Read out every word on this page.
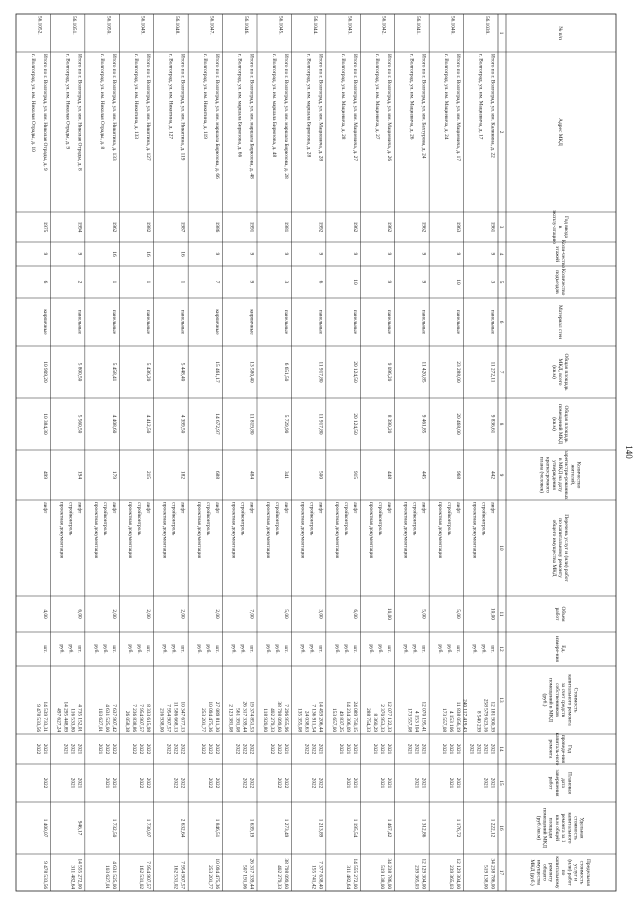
140
№ п/п
Адрес МКД
Год ввода
в
эксплу-атацию
Коли-чество
этажей
Количество
подъездов
Материал стен
Общая площадь
МКД, всего
(кв.м)
Общая площадь
помещений МКД
(кв.м)
Количество
жителей,
зарегистри-рованных
в МКД на дату
утверждения
краткосрочного
плана (человек)
Перечень услуг и (или) работ
по капитальному ремонту
общего имущества МКД
Объем
работ
Ед.
измере-ния
Стоимость
капитального ремонта
за счет средств
собственников
помещений в МКД
(руб.)
Год
проведе-ния
капиталь-ного
ремонта
Плановая
дата
завершения
работ
Удельная
стоимость
капитального
ремонта за 1
кв.м общей
площади
помещений МКД
(руб./кв.м)
Предельная
стоимость
услуг и
(или) работ
по
капитальному
ремонту
общего
имущества
МКД (руб.)
1
2
3
4
5
6
7
8
9
10
11
12
13
14
15
16
17
56.1039.
Итого по г. Волгоград, ул. им. Калинина, д. 22
г. Волгоград, ул. им. Мациевича, д. 17
1961
9
3
панельные
11 272,11
9 836,61
442
лифт
стройконтроль
проектная документация
10,00
шт.
руб.
руб.
12 181 900,39
258 579 623,16
8 540 239
240 117 419,43
2021
2021
2021
2021
2021
2021
1 222,12
34 238 786,00
519 138,00
56.1040.
Итого по г. Волгоград, ул. им. Мациевича, д. 17
г. Волгоград, ул. им. Мациевича, д. 24
1963
9
10
панельные
23 288,00
20 468,00
968
лифт
стройконтроль
проектная документация
5,00
шт.
руб.
руб.
11 838 056,19
4 153 106
173 557,08
2021
2021
2021
2021
2021
1 176,72
12 129 304,00
239 365,03
56.1041.
Итого по г. Волгоград, ул. им. Бахтурова, д. 24
г. Волгоград, ул. им. Мациевича, д. 26
1962
9
9
панельные
11 420,85
9 461,85
445
лифт
стройконтроль
проектная документация
5,00
шт.
руб.
руб.
12 070 195,41
4 153 104
173 557,08
2021
2021
2021
2021
2021
1 312,86
12 129 304,00
239 365,03
56.1042.
Итого по г. Волгоград, ул. им. Мациевича, д. 26
г. Волгоград, ул. им. Мациевича, д. 27
1962
9
9
панельные
9 096,20
8 390,20
448
лифт
стройконтроль
проектная документация
10,00
шт.
руб.
руб.
12 077 122,33
2 370 953,33
8 360,29
288 754,33
2021
2021
2021
2021
2021
1 467,42
34 238 786,00
519 138,00
56.1043.
Итого по г. Волгоград, ул. им. Мациевича, д. 27
г. Волгоград, ул. им. Мациевича, д. 28
1962
9
10
панельные
20 124,50
20 124,50
915
лифт
стройконтроль
проектная документация
6,00
шт.
руб.
руб.
24 089 750,15
14 234 306,09
49 837,25
153 657,00
2021
2021
2021
2021
2021
1 195,54
14 555 272,00
311 482,64
56.1044.
Итого по г. Волгоград, ул. им. Мациевича, д. 28
г. Волгоград, ул. им. маршала Бирюзова, д. 28
1992
9
6
панельные
11 917,80
11 917,80
500
лифт
стройконтроль
проектная документация
3,00
шт.
руб.
руб.
14 459 206,44
7 136 911,54
24 038,63
135 355,08
2021
2022
2022
2022
2022
1 213,89
7 377 638,40
155 741,42
56.1045.
Итого по г. Волгоград, ул. им. маршала Бирюзова, д. 28
г. Волгоград, ул. им. маршала Бирюзова, д. 48
1981
9
3
панельные
6 651,50
5 729,90
341
лифт
стройконтроль
проектная документация
5,00
шт.
руб.
руб.
7 296 955,96
38 798 099,60
402 279,33
118 920,80
2021
2022
2022
2022
2022
1 273,49
38 798 099,60
402 279,33
56.1046.
Итого по г. Волгоград, ул. им. маршала Бирюзова, д. 48
г. Волгоград, ул. им. маршала Бирюзова, д. 66
1991
9
9
кирпичные
13 580,40
11 819,80
484
лифт
стройконтроль
проектная документация
7,00
шт.
руб.
руб.
19 374 851,53
26 317 339,44
561 391,08
2 123 381,08
2022
2022
2022
2022
2022
1 639,19
26 317 339,44
507 191,06
56.1047.
Итого по г. Волгоград, ул. им. маршала Бирюзова, д. 66
г. Волгоград, ул. им. Никитина, д. 119
1986
9
7
кирпичные
15 461,17
14 672,97
688
лифт
стройконтроль
проектная документация
2,00
шт.
руб.
руб.
27 089 811,30
10 094 475,36
253 201,77
2022
2022
2022
2022
2022
1 846,51
10 094 475,36
253 201,77
56.1048.
Итого по г. Волгоград, ул. им. Никитина, д. 119
г. Волгоград, ул. им. Никитина, д. 127
1987
16
1
панельные
5 448,40
4 399,50
182
лифт
стройконтроль
проектная документация
2,00
шт.
руб.
руб.
10 347 677,13
11 586 668,13
7 954 907,57
216 938,00
2022
2022
2022
2022
2022
2 632,64
7 954 907,57
162 531,02
56.1049.
Итого по г. Волгоград, ул. им. Никитина, д. 127
г. Волгоград, ул. им. Никитина, д. 133
1982
16
1
панельные
5 436,20
4 412,50
215
лифт
стройконтроль
проектная документация
2,00
шт.
руб.
руб.
8 333 615,98
7 954 907,57
7 236 838,86
26 058,38
2022
2022
2022
2022
2022
1 730,97
7 954 907,57
162 531,02
56.1050.
Итого по г. Волгоград, ул. им. Никитина, д. 133
г. Волгоград, ул. им. Николая Отрады, д. 8
1962
16
1
панельные
5 458,41
4 408,60
179
лифт
стройконтроль
проектная документация
2,00
шт.
руб.
руб.
7 637 907,42
4 631 525,00
103 627,01
2022
2022
2021
2021
2021
1 732,50
4 631 525,00
103 627,01
56.1051.
Итого по г. Волгоград, ул. им. Николая Отрады, д. 8
г. Волгоград, ул. им. Николая Отрады, д. 9
1994
9
2
панельные
5 800,50
5 560,50
194
лифт
стройконтроль
проектная документация
6,00
шт.
руб.
руб.
4 735 152,01
116 533,80
14 295 448,89
497 627,24
2021
2021
2021
2021
2021
946,17
14 555 272,00
311 482,64
56.1052.
Итого по г. Волгоград, ул. им. Николая Отрады, д. 9
г. Волгоград, ул. им. Николая Отрады, д. 10
1975
9
6
кирпичные
10 909,20
10 384,30
499
лифт
4,00
шт.
14 539 733,31
9 478 533,56
2021
2022
2022
1 400,07
9 478 533,56
